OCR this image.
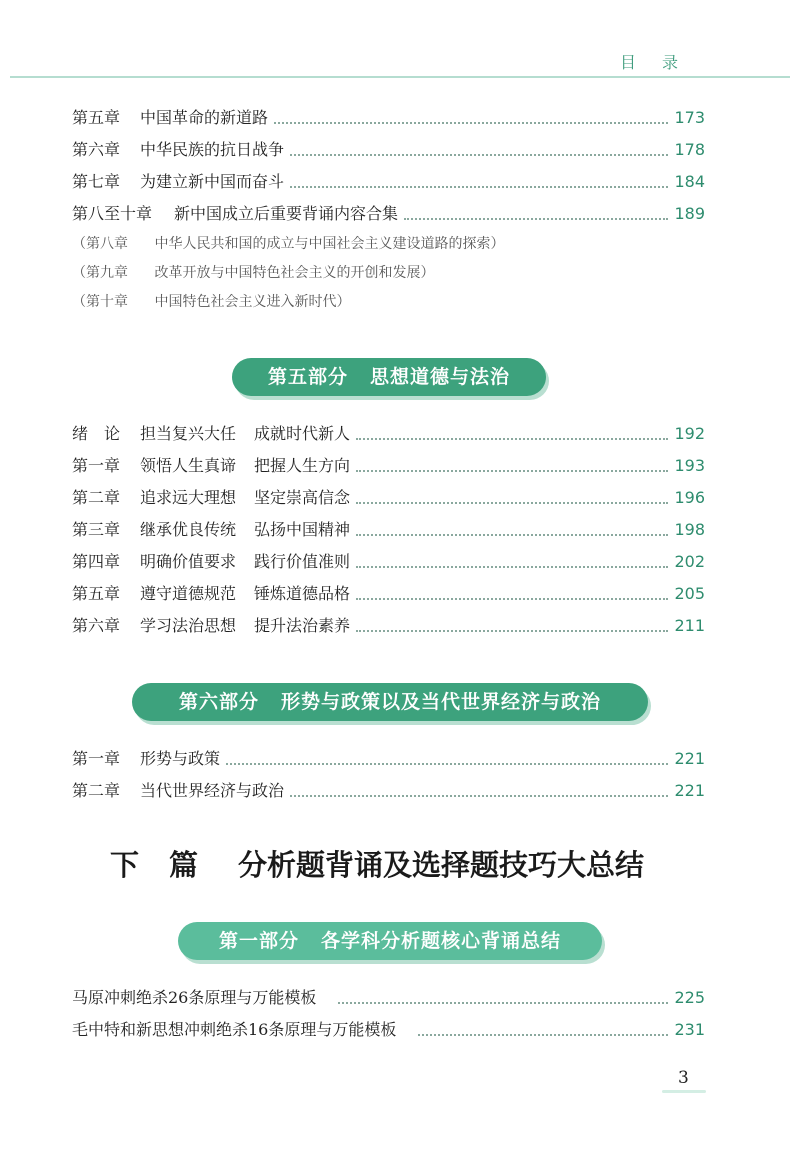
目录
第五章	中国革命的新道路	173
第六章	中华民族的抗日战争	178
第七章	为建立新中国而奋斗	184
第八至十章	新中国成立后重要背诵内容合集	189
（第八章 中华人民共和国的成立与中国社会主义建设道路的探索）
（第九章 改革开放与中国特色社会主义的开创和发展）
（第十章 中国特色社会主义进入新时代）
第五部分 思想道德与法治
绪　论	担当复兴大任 成就时代新人	192
第一章	领悟人生真谛 把握人生方向	193
第二章	追求远大理想 坚定崇高信念	196
第三章	继承优良传统 弘扬中国精神	198
第四章	明确价值要求 践行价值准则	202
第五章	遵守道德规范 锤炼道德品格	205
第六章	学习法治思想 提升法治素养	211
第六部分 形势与政策以及当代世界经济与政治
第一章	形势与政策	221
第二章	当代世界经济与政治	221
下 篇 分析题背诵及选择题技巧大总结
第一部分 各学科分析题核心背诵总结
马原冲刺绝杀26条原理与万能模板	225
毛中特和新思想冲刺绝杀16条原理与万能模板	231
3
